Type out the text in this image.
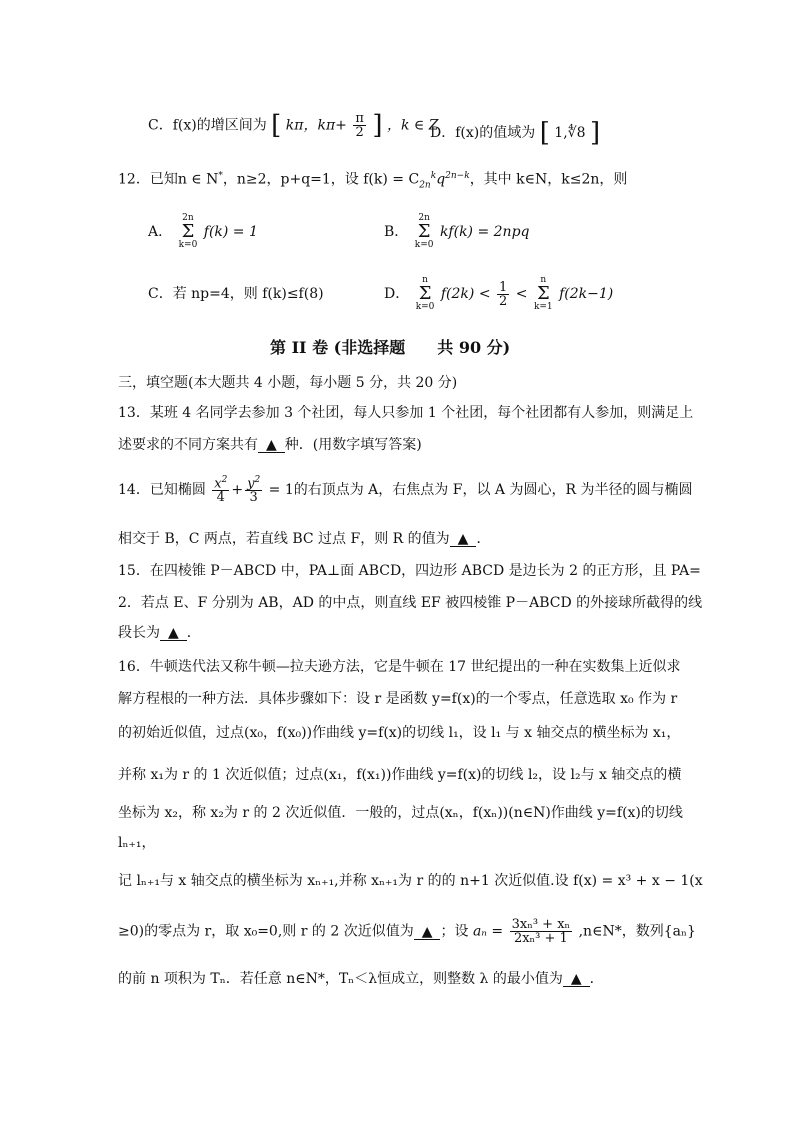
C．f(x)的增区间为 [ kπ，$k\pi+ \frac{\pi}{2}$ ] ，k ∈ Z
D．f(x)的值域为 [ 1,∜8 ]
12．已知n ∈ N*，n≥2，p+q=1，设 $f(k) = C_{2n}^kq^{2n-k}$，其中 k∈N，k≤2n，则
A． 2n
Σ
k=0 f(k) = 1	B． 2n
Σ
k=0 kf(k) = 2npq
C．若 np=4，则 f(k)≤f(8)	D． n
Σ
k=0 $f(2k) < \frac{1}{2} < n$
Σ
k=1 f(2k−1)
第 II 卷 (非选择题　　共 90 分)
三，填空题(本大题共 4 小题，每小题 5 分，共 20 分)
13．某班 4 名同学去参加 3 个社团，每人只参加 1 个社团，每个社团都有人参加，则满足上
述要求的不同方案共有 ▲ 种．(用数字填写答案)
14．已知椭圆 $\frac{x^2}{4} + \frac{y^2}{3} = 1$的右顶点为 A，右焦点为 F，以 A 为圆心，R 为半径的圆与椭圆
相交于 B，C 两点，若直线 BC 过点 F，则 R 的值为 ▲ ．
15．在四棱锥 P－ABCD 中，PA⊥面 ABCD，四边形 ABCD 是边长为 2 的正方形，且 PA=
2．若点 E、F 分别为 AB，AD 的中点，则直线 EF 被四棱锥 P－ABCD 的外接球所截得的线
段长为 ▲ ．
16．牛顿迭代法又称牛顿—拉夫逊方法，它是牛顿在 17 世纪提出的一种在实数集上近似求
解方程根的一种方法．具体步骤如下：设 r 是函数 y=f(x)的一个零点，任意选取 x₀ 作为 r
的初始近似值，过点(x₀，f(x₀))作曲线 y=f(x)的切线 l₁，设 l₁ 与 x 轴交点的横坐标为 x₁，
并称 x₁为 r 的 1 次近似值；过点(x₁，f(x₁))作曲线 y=f(x)的切线 l₂，设 l₂与 x 轴交点的横
坐标为 x₂，称 x₂为 r 的 2 次近似值．一般的，过点(xₙ，f(xₙ))(n∈N)作曲线 y=f(x)的切线
lₙ₊₁，
记 lₙ₊₁与 x 轴交点的横坐标为 xₙ₊₁,并称 xₙ₊₁为 r 的的 n+1 次近似值.设 f(x) = x³ + x − 1(x
≥0)的零点为 r，取 x₀=0,则 r 的 2 次近似值为 ▲ ；设 $a_n = \frac{\text{3xₙ³ + xₙ}}{\text{2xₙ³ + 1}}$ ,n∈N*，数列{aₙ}
的前 n 项积为 Tₙ．若任意 n∈N*，Tₙ＜λ恒成立，则整数 λ 的最小值为 ▲ ．
